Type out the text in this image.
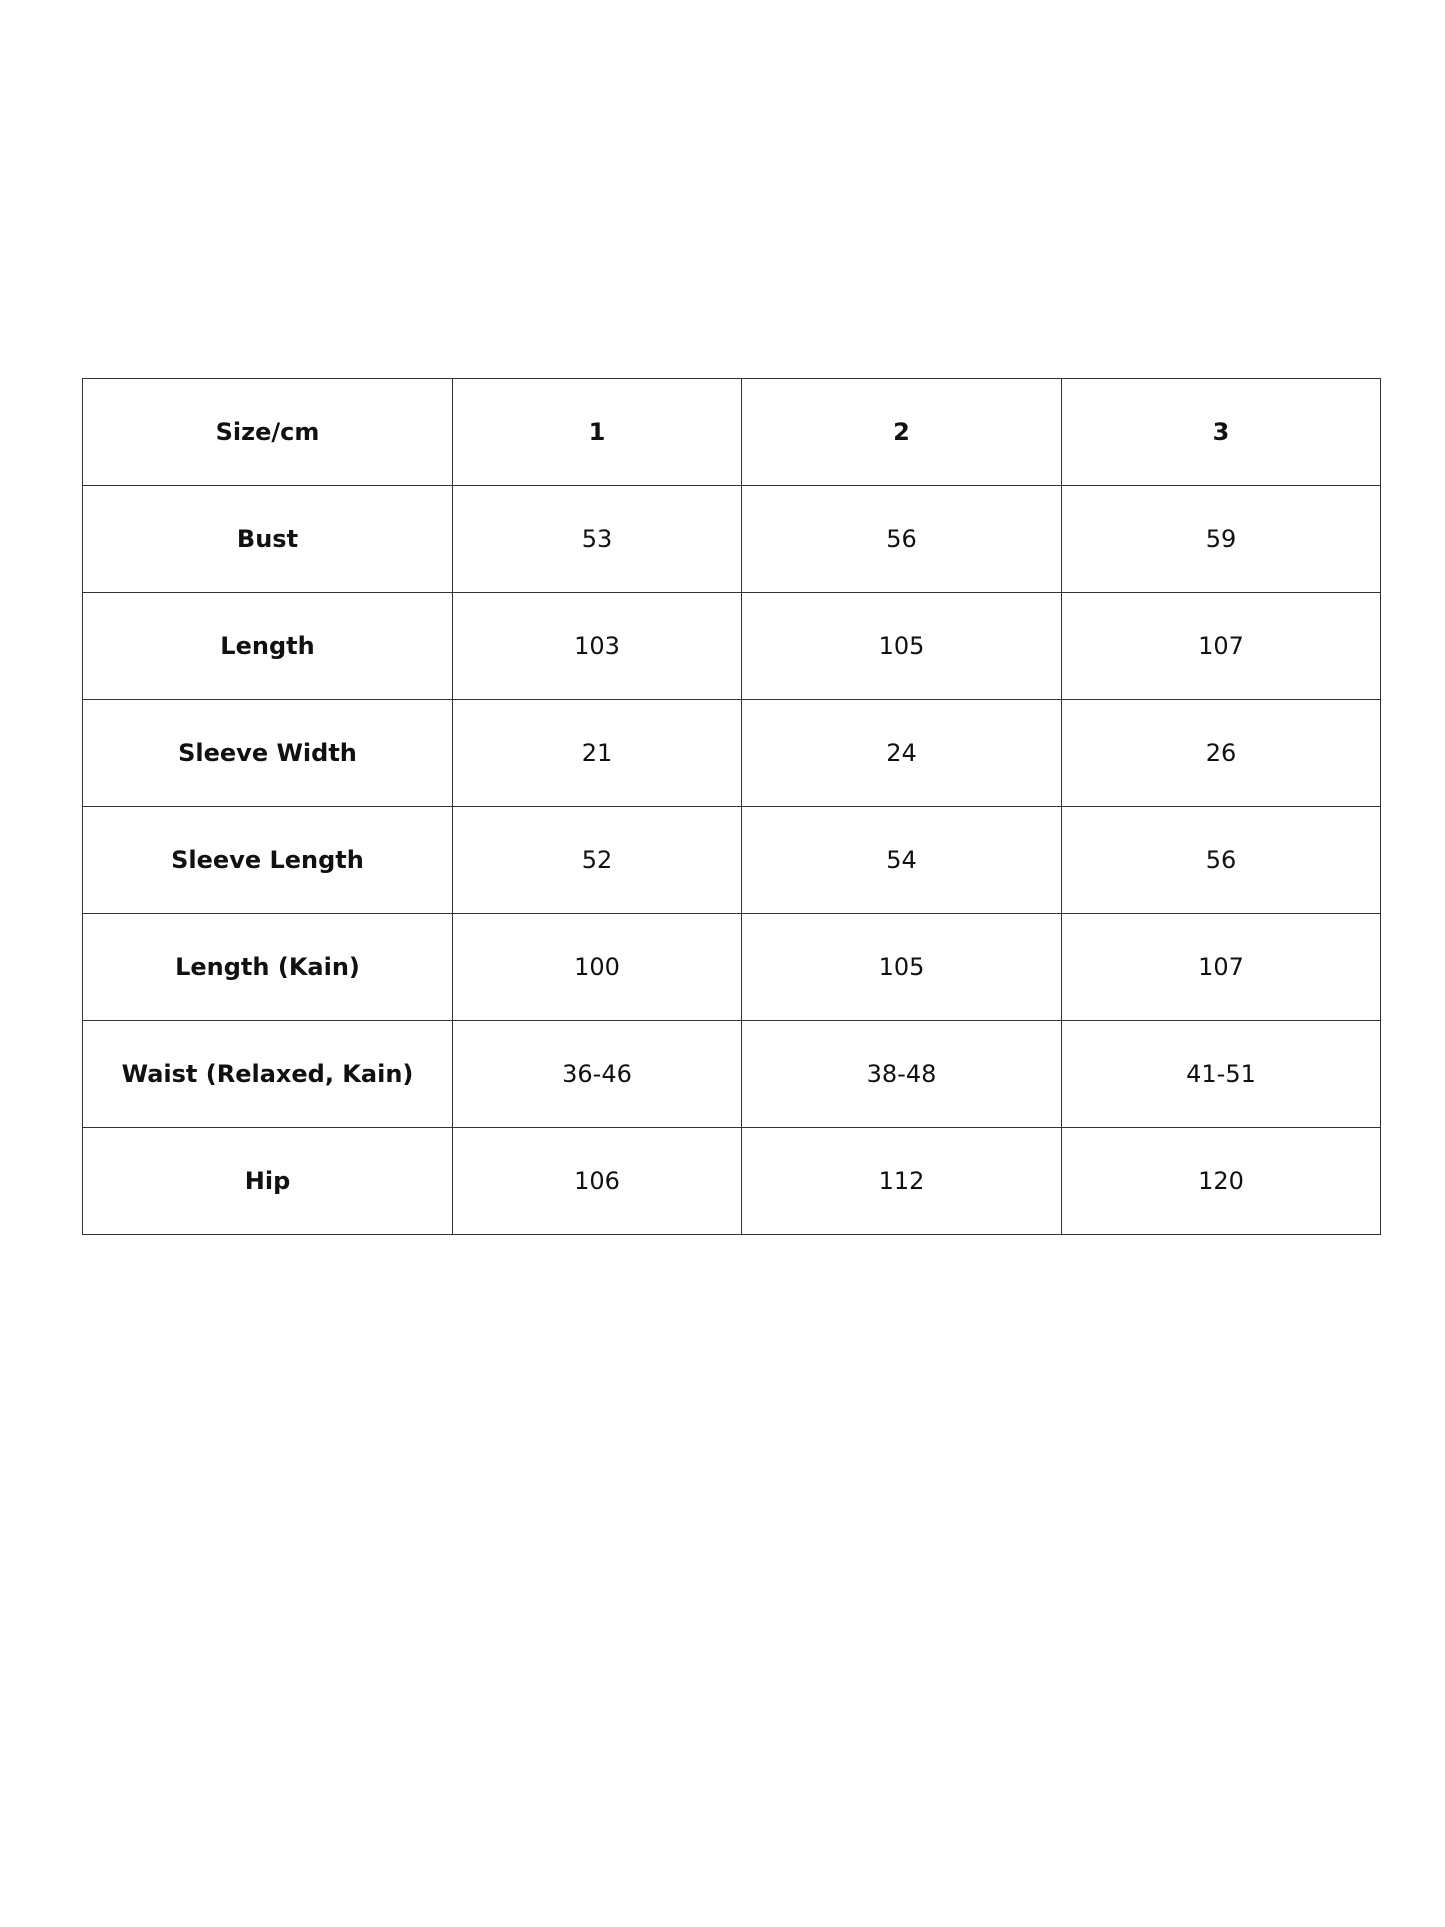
Size/cm	1	2	3
Bust	53	56	59
Length	103	105	107
Sleeve Width	21	24	26
Sleeve Length	52	54	56
Length (Kain)	100	105	107
Waist (Relaxed, Kain)	36-46	38-48	41-51
Hip	106	112	120
